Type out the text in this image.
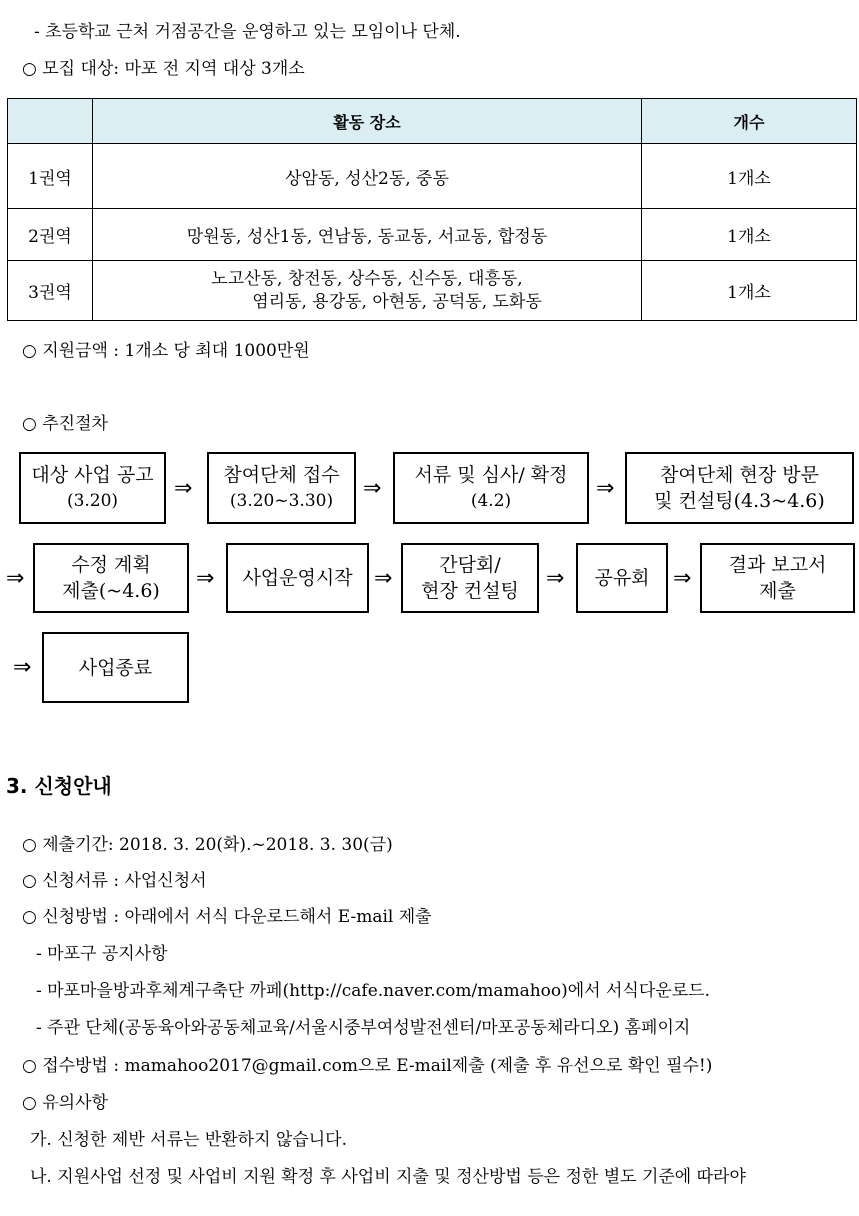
- 초등학교 근처 거점공간을 운영하고 있는 모임이나 단체.
○ 모집 대상: 마포 전 지역 대상 3개소
	활동 장소	개수
1권역	상암동, 성산2동, 중동	1개소
2권역	망원동, 성산1동, 연남동, 동교동, 서교동, 합정동	1개소
3권역	노고산동, 창전동, 상수동, 신수동, 대흥동,
염리동, 용강동, 아현동, 공덕동, 도화동	1개소
○ 지원금액 : 1개소 당 최대 1000만원
○ 추진절차
대상 사업 공고
(3.20)	⇒
참여단체 접수
(3.20~3.30) ⇒
서류 및 심사/ 확정
(4.2)	⇒
참여단체 현장 방문
및 컨설팅(4.3~4.6)
⇒
수정 계획
제출(~4.6) ⇒ 사업운영시작 ⇒
간담회/
현장 컨설팅 ⇒ 공유회 ⇒
결과 보고서
제출
⇒ 사업종료
3. 신청안내
○ 제출기간: 2018. 3. 20(화).~2018. 3. 30(금)
○ 신청서류 : 사업신청서
○ 신청방법 : 아래에서 서식 다운로드해서 E-mail 제출
- 마포구 공지사항
- 마포마을방과후체계구축단 까페(http://cafe.naver.com/mamahoo)에서 서식다운로드.
- 주관 단체(공동육아와공동체교육/서울시중부여성발전센터/마포공동체라디오) 홈페이지
○ 접수방법 : mamahoo2017@gmail.com으로 E-mail제출 (제출 후 유선으로 확인 필수!)
○ 유의사항
가. 신청한 제반 서류는 반환하지 않습니다.
나. 지원사업 선정 및 사업비 지원 확정 후 사업비 지출 및 정산방법 등은 정한 별도 기준에 따라야
